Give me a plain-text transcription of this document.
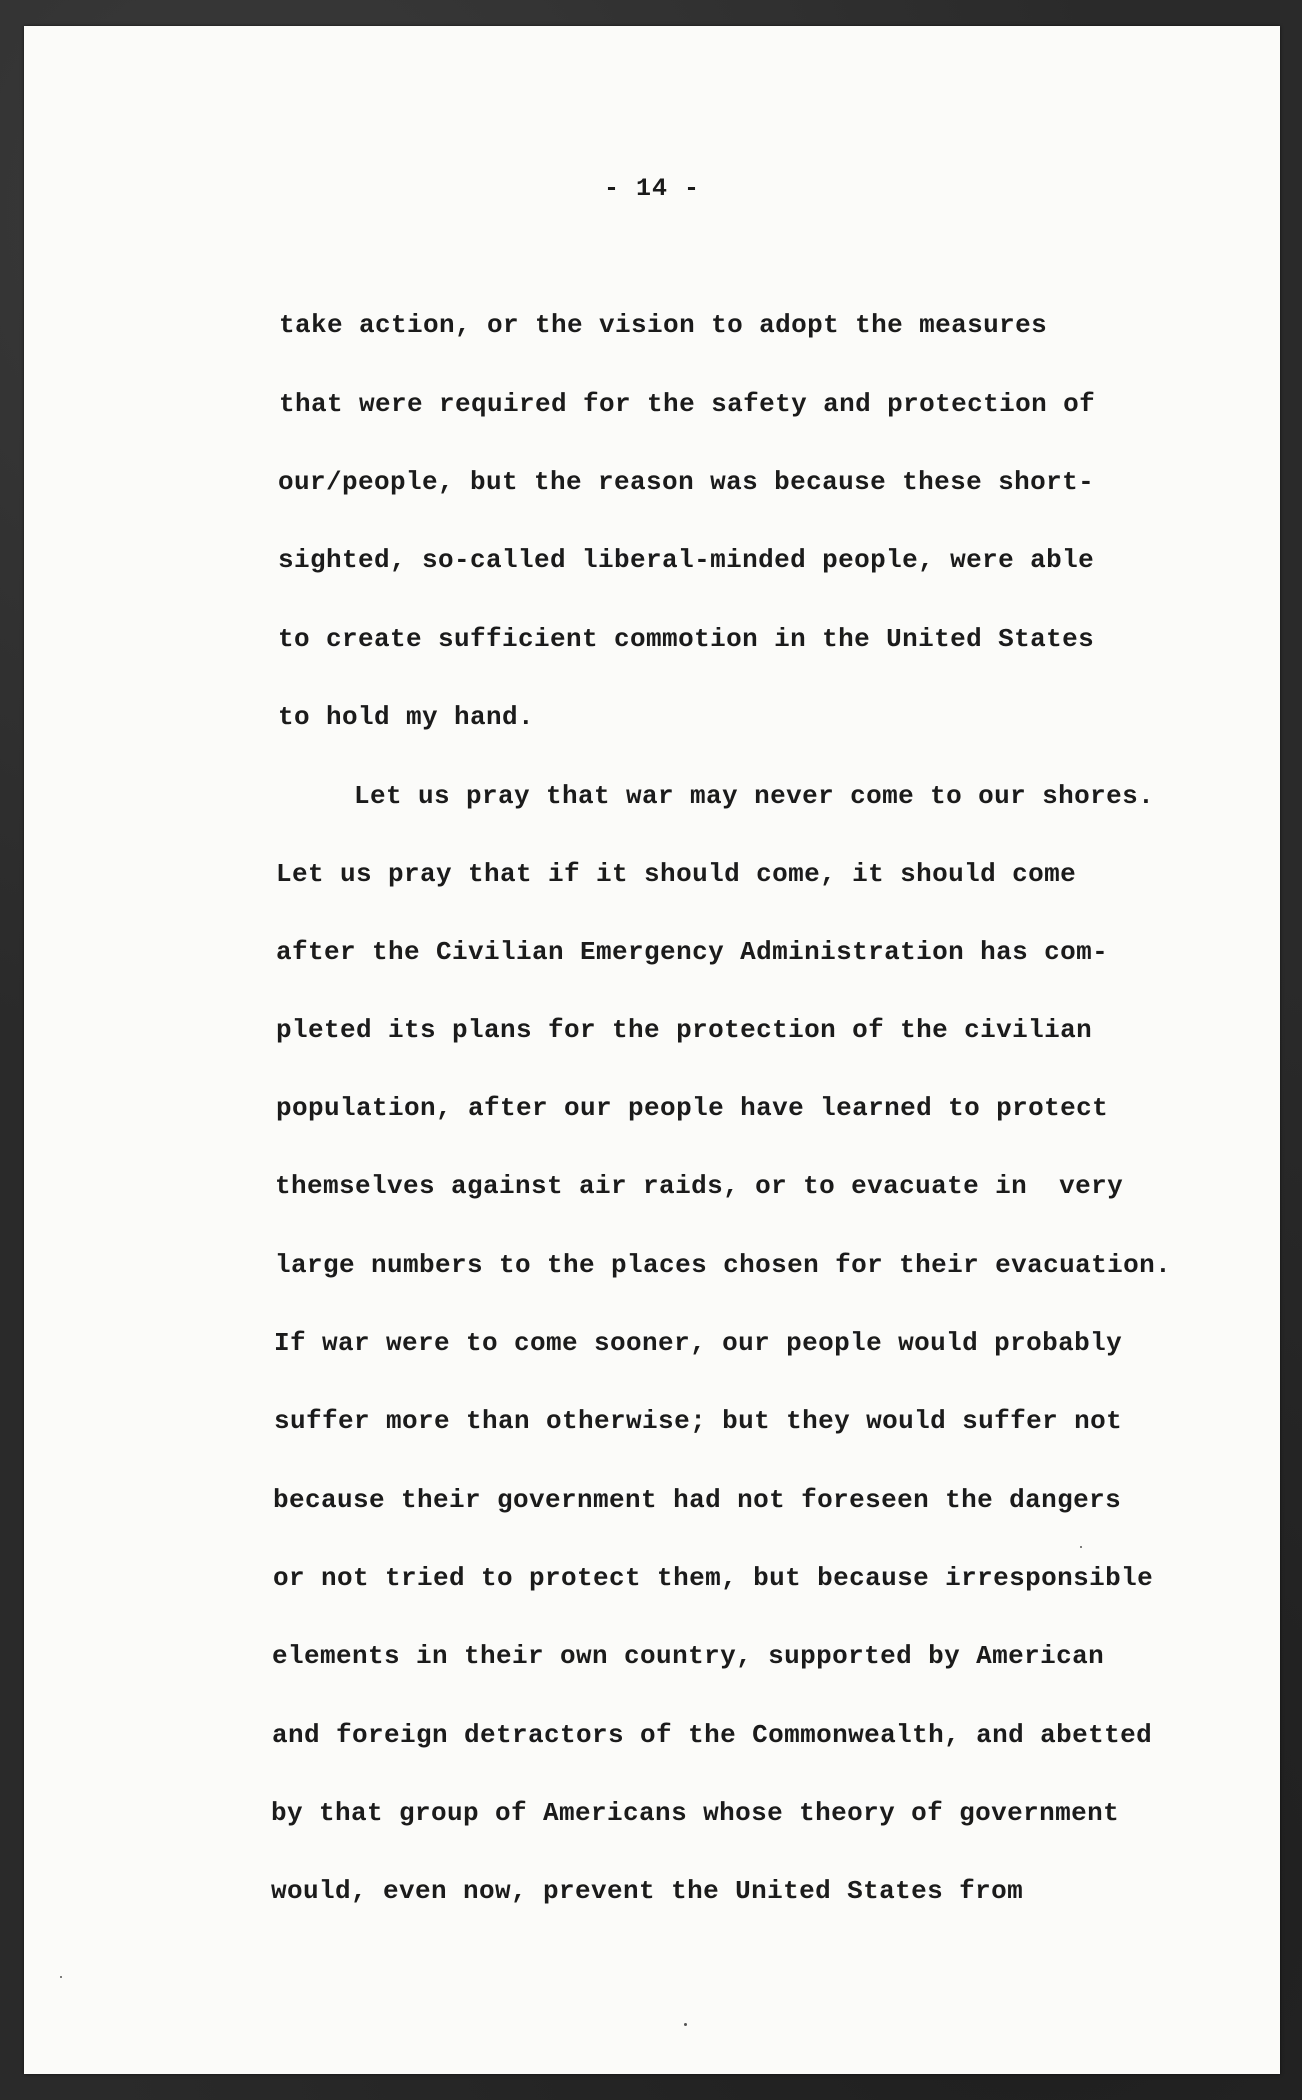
- 14 -
take action, or the vision to adopt the measures
that were required for the safety and protection of
our/people, but the reason was because these short-
sighted, so-called liberal-minded people, were able
to create sufficient commotion in the United States
to hold my hand.
Let us pray that war may never come to our shores.
Let us pray that if it should come, it should come
after the Civilian Emergency Administration has com-
pleted its plans for the protection of the civilian
population, after our people have learned to protect
themselves against air raids, or to evacuate in  very
large numbers to the places chosen for their evacuation.
If war were to come sooner, our people would probably
suffer more than otherwise; but they would suffer not
because their government had not foreseen the dangers
or not tried to protect them, but because irresponsible
elements in their own country, supported by American
and foreign detractors of the Commonwealth, and abetted
by that group of Americans whose theory of government
would, even now, prevent the United States from
